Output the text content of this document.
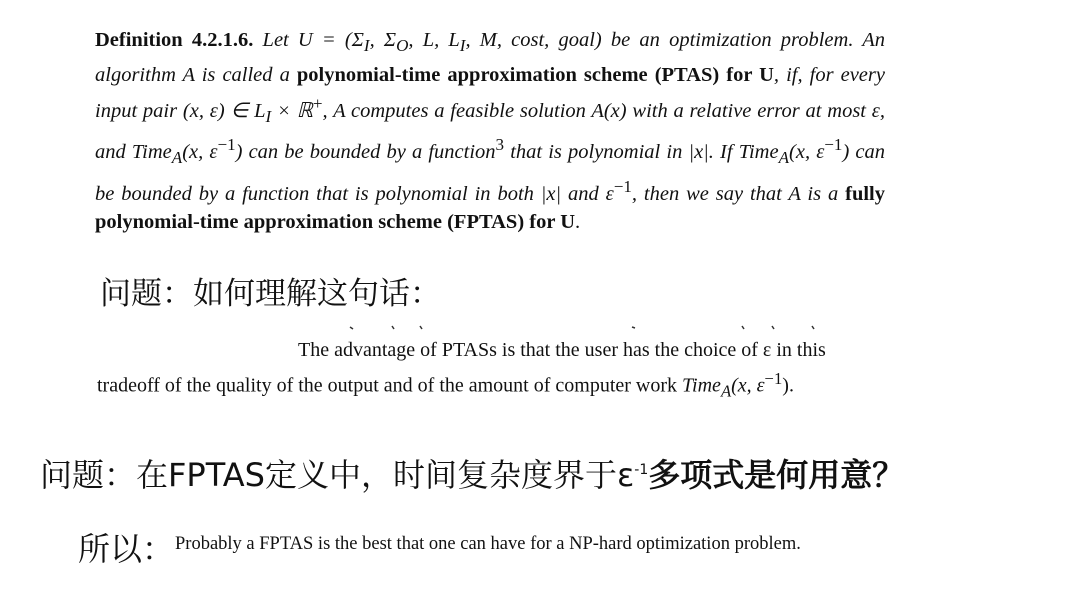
Definition 4.2.1.6. Let $U = (\Sigma_I$, $\Sigma_O$, L, $L_I$, M, cost, goal) be an optimization problem. An algorithm A is called a polynomial-time approximation scheme (PTAS) for U, if, for every input pair (x, ε) ∈ $L_I$ × ℝ+, A computes a feasible solution A(x) with a relative error at most ε, and Time$_A$(x, $\varepsilon^{-1}$) can be bounded by a function$^3$ that is polynomial in |x|. If Time$_A$(x, $\varepsilon^{-1}$) can be bounded by a function that is polynomial in both |x| and $\varepsilon^{-1}$, then we say that A is a fully polynomial-time approximation scheme (FPTAS) for U.
问题：如何理解这句话：
The advantage of PTASs is that the user has the choice of ε in this tradeoff of the quality of the output and of the amount of computer work Time$_A$(x, $\varepsilon^{-1}$).
问题：在FPTAS定义中，时间复杂度界于$\varepsilon^{-1}$多项式是何用意？
所以： Probably a FPTAS is the best that one can have for a NP-hard optimization problem.
